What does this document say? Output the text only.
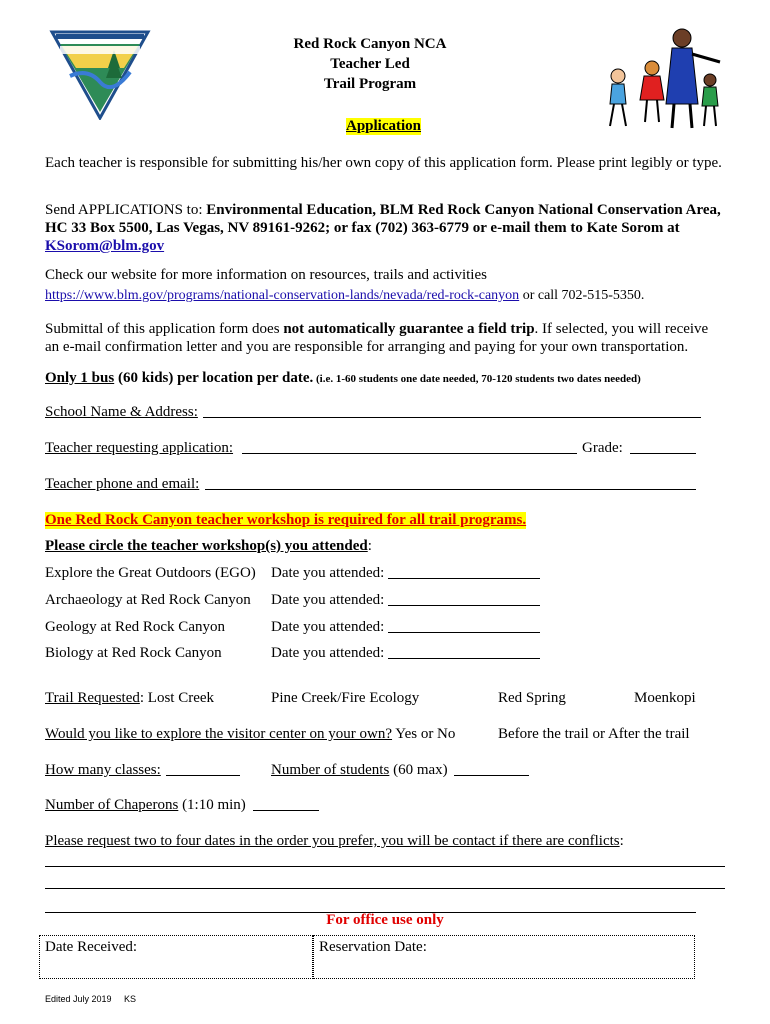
Red Rock Canyon NCA
Teacher Led
Trail Program
Application
Each teacher is responsible for submitting his/her own copy of this application form. Please print legibly or type.
Send APPLICATIONS to: Environmental Education, BLM Red Rock Canyon National Conservation Area, HC 33 Box 5500, Las Vegas, NV 89161-9262; or fax (702) 363-6779 or e-mail them to Kate Sorom at KSorom@blm.gov
Check our website for more information on resources, trails and activities
https://www.blm.gov/programs/national-conservation-lands/nevada/red-rock-canyon or call 702-515-5350.
Submittal of this application form does not automatically guarantee a field trip. If selected, you will receive an e-mail confirmation letter and you are responsible for arranging and paying for your own transportation.
Only 1 bus (60 kids) per location per date. (i.e. 1-60 students one date needed, 70-120 students two dates needed)
School Name & Address:
Teacher requesting application:	Grade:
Teacher phone and email:
One Red Rock Canyon teacher workshop is required for all trail programs.
Please circle the teacher workshop(s) you attended:
Explore the Great Outdoors (EGO) Date you attended:
Archaeology at Red Rock Canyon Date you attended:
Geology at Red Rock Canyon	Date you attended:
Biology at Red Rock Canyon	Date you attended:
Trail Requested: Lost Creek	Pine Creek/Fire Ecology	Red Spring	Moenkopi
Would you like to explore the visitor center on your own? Yes or No	Before the trail or After the trail
How many classes:	Number of students (60 max)
Number of Chaperons (1:10 min)
Please request two to four dates in the order you prefer, you will be contact if there are conflicts:
For office use only
Date Received:	Reservation Date:
Edited July 2019 KS
